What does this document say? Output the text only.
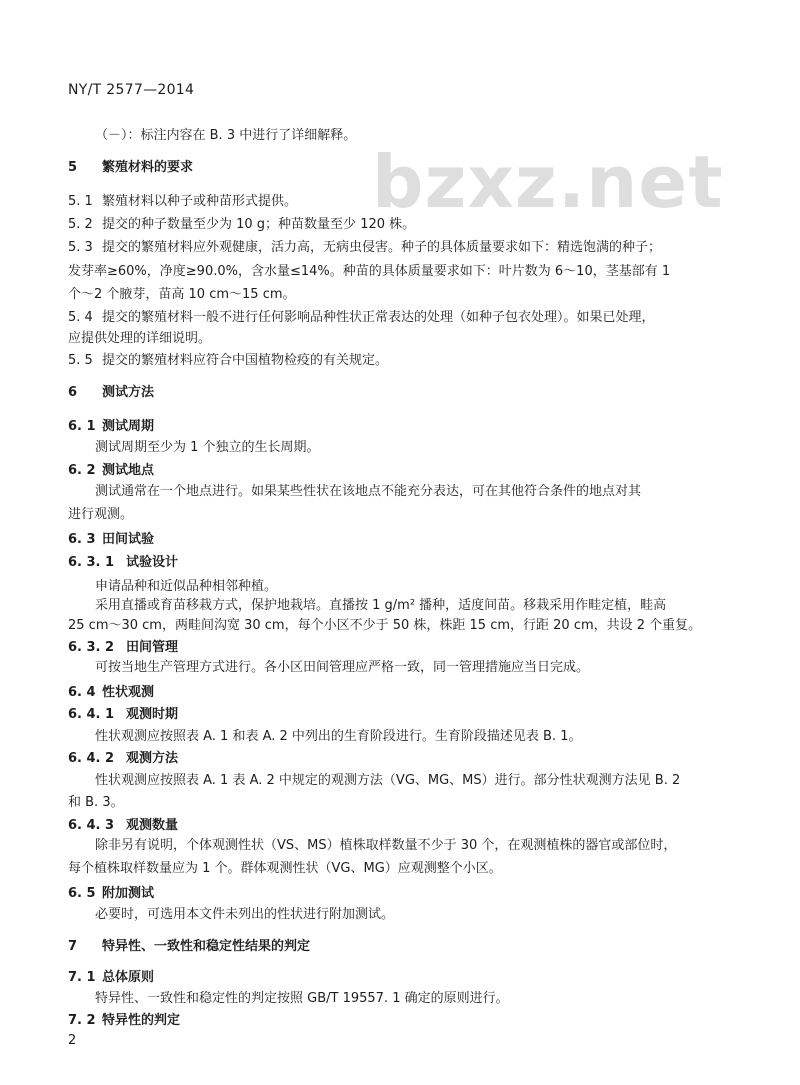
NY/T 2577—2014
bzxz.net
（－）：标注内容在 B. 3 中进行了详细解释。
5 繁殖材料的要求
5. 1 繁殖材料以种子或种苗形式提供。
5. 2 提交的种子数量至少为 10 g；种苗数量至少 120 株。
5. 3 提交的繁殖材料应外观健康，活力高，无病虫侵害。种子的具体质量要求如下：精选饱满的种子；
发芽率≥60%，净度≥90.0%，含水量≤14%。种苗的具体质量要求如下：叶片数为 6～10，茎基部有 1
个～2 个腋芽，苗高 10 cm～15 cm。
5. 4 提交的繁殖材料一般不进行任何影响品种性状正常表达的处理（如种子包衣处理）。如果已处理，
应提供处理的详细说明。
5. 5 提交的繁殖材料应符合中国植物检疫的有关规定。
6 测试方法
6. 1 测试周期
测试周期至少为 1 个独立的生长周期。
6. 2 测试地点
测试通常在一个地点进行。如果某些性状在该地点不能充分表达，可在其他符合条件的地点对其
进行观测。
6. 3 田间试验
6. 3. 1 试验设计
申请品种和近似品种相邻种植。
采用直播或育苗移栽方式，保护地栽培。直播按 1 g/m² 播种，适度间苗。移栽采用作畦定植，畦高
25 cm～30 cm，两畦间沟宽 30 cm，每个小区不少于 50 株，株距 15 cm，行距 20 cm，共设 2 个重复。
6. 3. 2 田间管理
可按当地生产管理方式进行。各小区田间管理应严格一致，同一管理措施应当日完成。
6. 4 性状观测
6. 4. 1 观测时期
性状观测应按照表 A. 1 和表 A. 2 中列出的生育阶段进行。生育阶段描述见表 B. 1。
6. 4. 2 观测方法
性状观测应按照表 A. 1 表 A. 2 中规定的观测方法（VG、MG、MS）进行。部分性状观测方法见 B. 2
和 B. 3。
6. 4. 3 观测数量
除非另有说明，个体观测性状（VS、MS）植株取样数量不少于 30 个，在观测植株的器官或部位时，
每个植株取样数量应为 1 个。群体观测性状（VG、MG）应观测整个小区。
6. 5 附加测试
必要时，可选用本文件未列出的性状进行附加测试。
7 特异性、一致性和稳定性结果的判定
7. 1 总体原则
特异性、一致性和稳定性的判定按照 GB/T 19557. 1 确定的原则进行。
7. 2 特异性的判定
2
